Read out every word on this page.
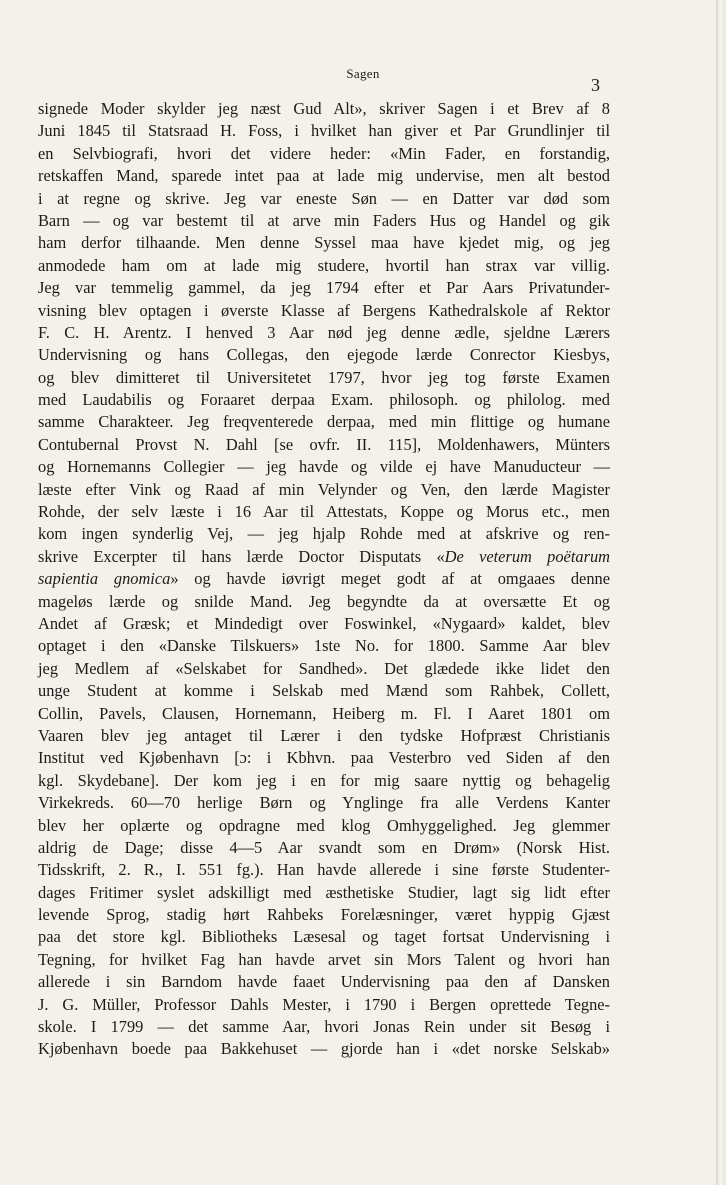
Sagen
3
signede Moder skylder jeg næst Gud Alt», skriver Sagen i et Brev af 8
Juni 1845 til Statsraad H. Foss, i hvilket han giver et Par Grundlinjer til
en Selvbiografi, hvori det videre heder: «Min Fader, en forstandig,
retskaffen Mand, sparede intet paa at lade mig undervise, men alt bestod
i at regne og skrive. Jeg var eneste Søn — en Datter var død som
Barn — og var bestemt til at arve min Faders Hus og Handel og gik
ham derfor tilhaande. Men denne Syssel maa have kjedet mig, og jeg
anmodede ham om at lade mig studere, hvortil han strax var villig.
Jeg var temmelig gammel, da jeg 1794 efter et Par Aars Privatunder-
visning blev optagen i øverste Klasse af Bergens Kathedralskole af Rektor
F. C. H. Arentz. I henved 3 Aar nød jeg denne ædle, sjeldne Lærers
Undervisning og hans Collegas, den ejegode lærde Conrector Kiesbys,
og blev dimitteret til Universitetet 1797, hvor jeg tog første Examen
med Laudabilis og Foraaret derpaa Exam. philosoph. og philolog. med
samme Charakteer. Jeg freqventerede derpaa, med min flittige og humane
Contubernal Provst N. Dahl [se ovfr. II. 115], Moldenhawers, Münters
og Hornemanns Collegier — jeg havde og vilde ej have Manuducteur —
læste efter Vink og Raad af min Velynder og Ven, den lærde Magister
Rohde, der selv læste i 16 Aar til Attestats, Koppe og Morus etc., men
kom ingen synderlig Vej, — jeg hjalp Rohde med at afskrive og ren-
skrive Excerpter til hans lærde Doctor Disputats «De veterum poëtarum
sapientia gnomica» og havde iøvrigt meget godt af at omgaaes denne
mageløs lærde og snilde Mand. Jeg begyndte da at oversætte Et og
Andet af Græsk; et Mindedigt over Foswinkel, «Nygaard» kaldet, blev
optaget i den «Danske Tilskuers» 1ste No. for 1800. Samme Aar blev
jeg Medlem af «Selskabet for Sandhed». Det glædede ikke lidet den
unge Student at komme i Selskab med Mænd som Rahbek, Collett,
Collin, Pavels, Clausen, Hornemann, Heiberg m. Fl. I Aaret 1801 om
Vaaren blev jeg antaget til Lærer i den tydske Hofpræst Christianis
Institut ved Kjøbenhavn [ɔ: i Kbhvn. paa Vesterbro ved Siden af den
kgl. Skydebane]. Der kom jeg i en for mig saare nyttig og behagelig
Virkekreds. 60—70 herlige Børn og Ynglinge fra alle Verdens Kanter
blev her oplærte og opdragne med klog Omhyggelighed. Jeg glemmer
aldrig de Dage; disse 4—5 Aar svandt som en Drøm» (Norsk Hist.
Tidsskrift, 2. R., I. 551 fg.). Han havde allerede i sine første Studenter-
dages Fritimer syslet adskilligt med æsthetiske Studier, lagt sig lidt efter
levende Sprog, stadig hørt Rahbeks Forelæsninger, været hyppig Gjæst
paa det store kgl. Bibliotheks Læsesal og taget fortsat Undervisning i
Tegning, for hvilket Fag han havde arvet sin Mors Talent og hvori han
allerede i sin Barndom havde faaet Undervisning paa den af Dansken
J. G. Müller, Professor Dahls Mester, i 1790 i Bergen oprettede Tegne-
skole. I 1799 — det samme Aar, hvori Jonas Rein under sit Besøg i
Kjøbenhavn boede paa Bakkehuset — gjorde han i «det norske Selskab»
